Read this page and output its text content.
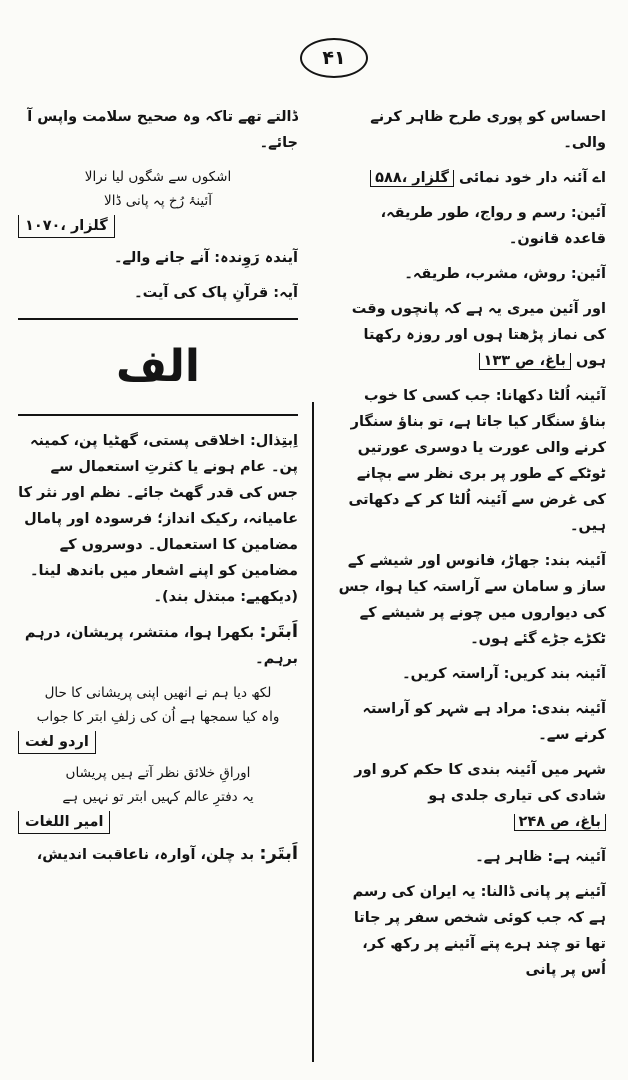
۴۱
احساس کو پوری طرح ظاہر کرنے والی۔
اے آئنہ دار خود نمائی گلزار ،۵۸۸
آئین: رسم و رواج، طور طریقہ، قاعدہ قانون۔
آئین: روش، مشرب، طریقہ۔
اور آئین میری یہ ہے کہ پانچوں وقت کی نماز پڑھتا ہوں اور روزہ رکھتا ہوں باغ، ص ۱۳۳
آئینہ اُلٹا دکھانا: جب کسی کا خوب بناؤ سنگار کیا جاتا ہے، تو بناؤ سنگار کرنے والی عورت یا دوسری عورتیں ٹوٹکے کے طور پر بری نظر سے بچانے کی غرض سے آئینہ اُلٹا کر کے دکھاتی ہیں۔
آئینہ بند: جھاڑ، فانوس اور شیشے کے ساز و سامان سے آراستہ کیا ہوا، جس کی دیواروں میں چونے پر شیشے کے ٹکڑے جڑے گئے ہوں۔
آئینہ بند کریں: آراستہ کریں۔
آئینہ بندی: مراد ہے شہر کو آراستہ کرنے سے۔
شہر میں آئینہ بندی کا حکم کرو اور شادی کی تیاری جلدی ہو باغ، ص ۲۴۸
آئینہ ہے: ظاہر ہے۔
آئینے پر پانی ڈالنا: یہ ایران کی رسم ہے کہ جب کوئی شخص سفر پر جاتا تھا تو چند ہرے پتے آئینے پر رکھ کر، اُس پر پانی
ڈالتے تھے تاکہ وہ صحیح سلامت واپس آ جائے۔
اشکوں سے شگوں لیا نرالا
آئینۂ رُخ پہ پانی ڈالا
گلزار ،۱۰۷۰
آیندہ رَوِندہ: آنے جانے والے۔
آیہ: قرآنِ پاک کی آیت۔
الف
اِبتِذال: اخلاقی پستی، گھٹیا پن، کمینہ پن۔ عام ہونے یا کثرتِ استعمال سے جس کی قدر گھٹ جائے۔ نظم اور نثر کا عامیانہ، رکیک انداز؛ فرسودہ اور پامال مضامین کا استعمال۔ دوسروں کے مضامین کو اپنے اشعار میں باندھ لینا۔ (دیکھیے: مبتذل بند)۔
اَبتَر: بکھرا ہوا، منتشر، پریشان، درہم برہم۔
لکھ دیا ہم نے انھیں اپنی پریشانی کا حال
واہ کیا سمجھا ہے اُن کی زلفِ ابتر کا جواب
اردو لغت
اوراقِ خلائق نظر آتے ہیں پریشاں
یہ دفترِ عالم کہیں ابتر تو نہیں ہے
امیر اللغات
اَبتَر: بد چلن، آوارہ، ناعاقبت اندیش،
